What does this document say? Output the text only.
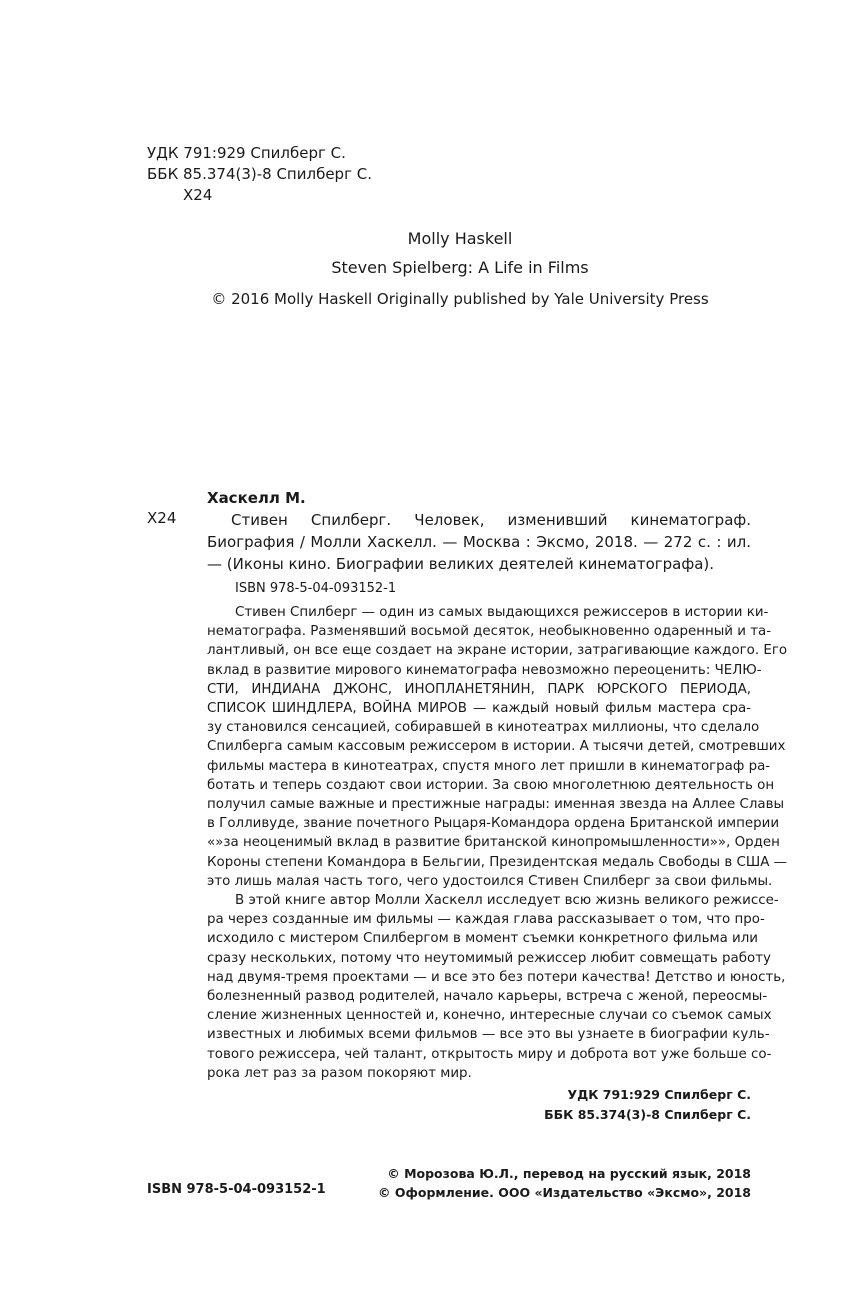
УДК 791:929 Спилберг С.
ББК 85.374(3)-8 Спилберг С.
Х24
Molly Haskell
Steven Spielberg: A Life in Films
© 2016 Molly Haskell Originally published by Yale University Press
Х24
Хаскелл М.
Стивен Спилберг. Человек, изменивший кинематограф. Биография / Молли Хаскелл. — Москва : Эксмо, 2018. — 272 с. : ил. — (Иконы кино. Биографии великих деятелей кинематографа).
ISBN 978-5-04-093152-1
Стивен Спилберг — один из самых выдающихся режиссеров в истории ки-
нематографа. Разменявший восьмой десяток, необыкновенно одаренный и та-
лантливый, он все еще создает на экране истории, затрагивающие каждого. Его
вклад в развитие мирового кинематографа невозможно переоценить: ЧЕЛЮ-
СТИ, ИНДИАНА ДЖОНС, ИНОПЛАНЕТЯНИН, ПАРК ЮРСКОГО ПЕРИОДА,
СПИСОК ШИНДЛЕРА, ВОЙНА МИРОВ — каждый новый фильм мастера сра-
зу становился сенсацией, собиравшей в кинотеатрах миллионы, что сделало
Спилберга самым кассовым режиссером в истории. А тысячи детей, смотревших
фильмы мастера в кинотеатрах, спустя много лет пришли в кинематограф ра-
ботать и теперь создают свои истории. За свою многолетнюю деятельность он
получил самые важные и престижные награды: именная звезда на Аллее Славы
в Голливуде, звание почетного Рыцаря-Командора ордена Британской империи
«»за неоценимый вклад в развитие британской кинопромышленности»», Орден
Короны степени Командора в Бельгии, Президентская медаль Свободы в США —
это лишь малая часть того, чего удостоился Стивен Спилберг за свои фильмы.
В этой книге автор Молли Хаскелл исследует всю жизнь великого режиссе-
ра через созданные им фильмы — каждая глава рассказывает о том, что про-
исходило с мистером Спилбергом в момент съемки конкретного фильма или
сразу нескольких, потому что неутомимый режиссер любит совмещать работу
над двумя-тремя проектами — и все это без потери качества! Детство и юность,
болезненный развод родителей, начало карьеры, встреча с женой, переосмы-
сление жизненных ценностей и, конечно, интересные случаи со съемок самых
известных и любимых всеми фильмов — все это вы узнаете в биографии куль-
тового режиссера, чей талант, открытость миру и доброта вот уже больше со-
рока лет раз за разом покоряют мир.
УДК 791:929 Спилберг С.
ББК 85.374(3)-8 Спилберг С.
ISBN 978-5-04-093152-1
© Морозова Ю.Л., перевод на русский язык, 2018
© Оформление. ООО «Издательство «Эксмо», 2018
